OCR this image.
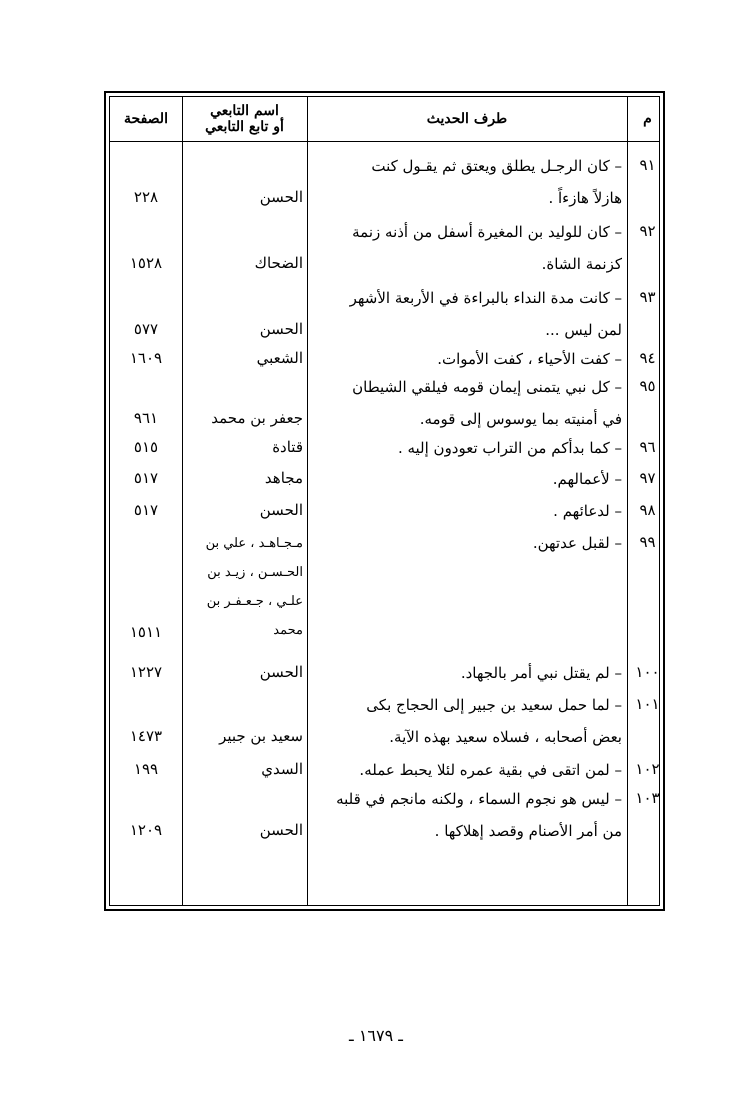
م
طرف الحديث
اسم التابعي
أو تابع التابعي
الصفحة
٩١
– كان الرجـل يطلق ويعتق ثم يقـول كنت
هازلاً هازءاً .
الحسن
٢٢٨
٩٢
– كان للوليد بن المغيرة أسفل من أذنه زنمة
كزنمة الشاة.
الضحاك
١٥٢٨
٩٣
– كانت مدة النداء بالبراءة في الأربعة الأشهر
لمن ليس ...
الحسن
٥٧٧
٩٤
– كفت الأحياء ، كفت الأموات.
الشعبي
١٦٠٩
٩٥
– كل نبي يتمنى إيمان قومه فيلقي الشيطان
في أمنيته بما يوسوس إلى قومه.
جعفر بن محمد
٩٦١
٩٦
– كما بدأكم من التراب تعودون إليه .
قتادة
٥١٥
٩٧
– لأعمالهم.
مجاهد
٥١٧
٩٨
– لدعائهم .
الحسن
٥١٧
٩٩
– لقبل عدتهن.
مـجـاهـد ، علي بن
الحـسـن ، زيـد بن
علـي ، جـعـفـر بن
محمد
١٥١١
١٠٠
– لم يقتل نبي أمر بالجهاد.
الحسن
١٢٢٧
١٠١
– لما حمل سعيد بن جبير إلى الحجاج بكى
بعض أصحابه ، فسلاه سعيد بهذه الآية.
سعيد بن جبير
١٤٧٣
١٠٢
– لمن اتقى في بقية عمره لئلا يحبط عمله.
السدي
١٩٩
١٠٣
– ليس هو نجوم السماء ، ولكنه مانجم في قلبه
من أمر الأصنام وقصد إهلاكها .
الحسن
١٢٠٩
ـ ١٦٧٩ ـ
